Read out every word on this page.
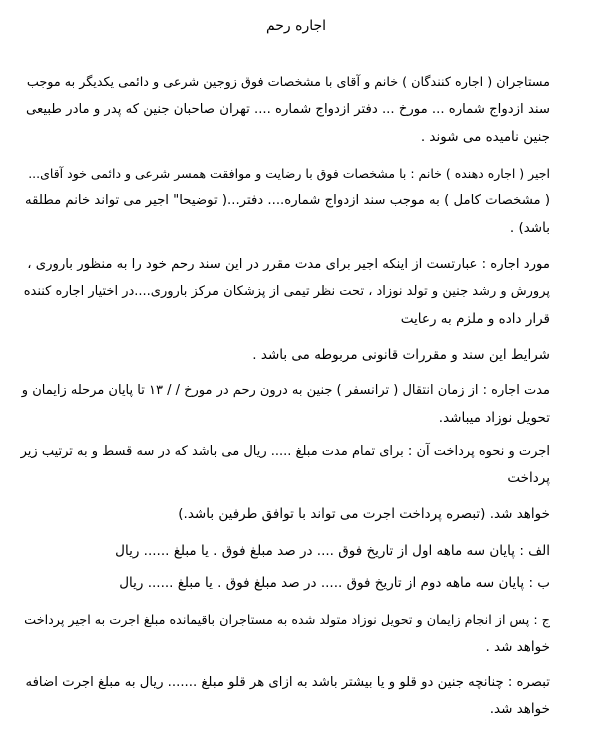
اجاره رحم
مستاجران ( اجاره کنندگان ) خانم و آقای با مشخصات فوق زوجین شرعی و دائمی یکدیگر به موجب
سند ازدواج شماره ... مورخ ... دفتر ازدواج شماره .... تهران صاحبان جنین که پدر و مادر طبیعی
جنین نامیده می شوند .
اجیر ( اجاره دهنده ) خانم : با مشخصات فوق با رضایت و موافقت همسر شرعی و دائمی خود آقای...
( مشخصات کامل ) به موجب سند ازدواج شماره.... دفتر...( توضیحا" اجیر می تواند خانم مطلقه
باشد) .
مورد اجاره : عبارتست از اینکه اجیر برای مدت مقرر در این سند رحم خود را به منظور باروری ،
پرورش و رشد جنین و تولد نوزاد ، تحت نظر تیمی از پزشکان مرکز باروری....در اختیار اجاره کننده
قرار داده و ملزم به رعایت
شرایط این سند و مقررات قانونی مربوطه می باشد .
مدت اجاره : از زمان انتقال ( ترانسفر ) جنین به درون رحم در مورخ / / ۱۳ تا پایان مرحله زایمان و
تحویل نوزاد میباشد.
اجرت و نحوه پرداخت آن : برای تمام مدت مبلغ ..... ریال می باشد که در سه قسط و به ترتیب زیر
پرداخت
خواهد شد. (تبصره پرداخت اجرت می تواند با توافق طرفین باشد.)
الف : پایان سه ماهه اول از تاریخ فوق .... در صد مبلغ فوق . یا مبلغ ...... ریال
ب : پایان سه ماهه دوم از تاریخ فوق ..... در صد مبلغ فوق . یا مبلغ ...... ریال
ج : پس از انجام زایمان و تحویل نوزاد متولد شده به مستاجران باقیمانده مبلغ اجرت به اجیر پرداخت
خواهد شد .
تبصره : چنانچه جنین دو قلو و یا بیشتر باشد به ازای هر قلو مبلغ ....... ریال به مبلغ اجرت اضافه
خواهد شد.
